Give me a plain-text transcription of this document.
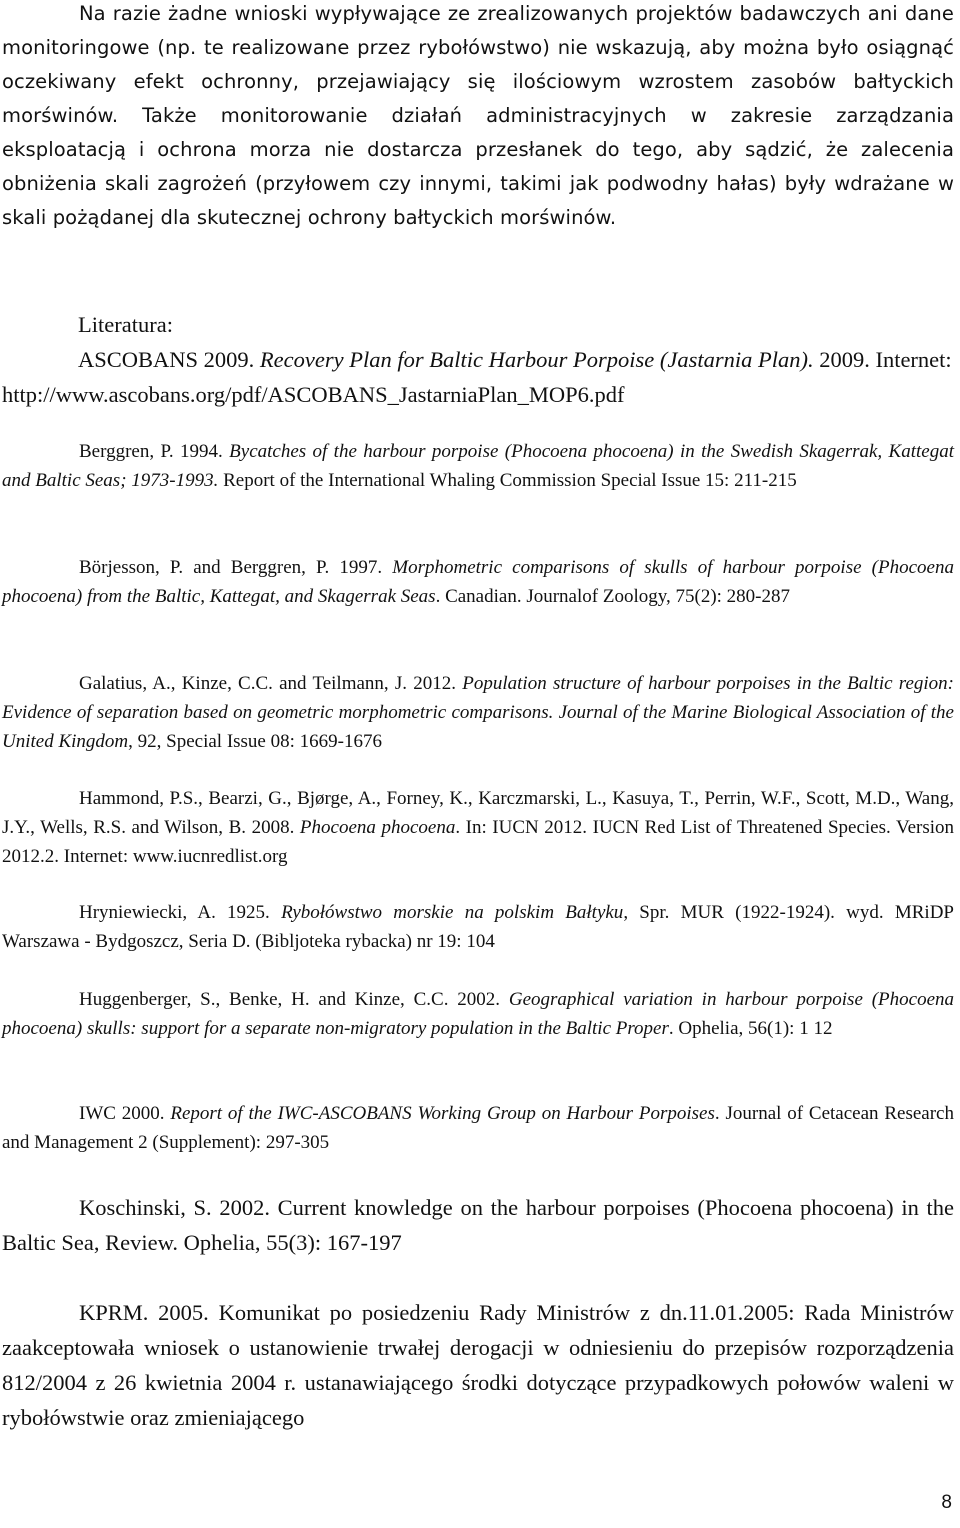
Na razie żadne wnioski wypływające ze zrealizowanych projektów badawczych ani dane monitoringowe (np. te realizowane przez rybołówstwo) nie wskazują, aby można było osiągnąć oczekiwany efekt ochronny, przejawiający się ilościowym wzrostem zasobów bałtyckich morświnów. Także monitorowanie działań administracyjnych w zakresie zarządzania eksploatacją i ochrona morza nie dostarcza przesłanek do tego, aby sądzić, że zalecenia obniżenia skali zagrożeń (przyłowem czy innymi, takimi jak podwodny hałas) były wdrażane w skali pożądanej dla skutecznej ochrony bałtyckich morświnów.

Literatura:

ASCOBANS 2009. Recovery Plan for Baltic Harbour Porpoise (Jastarnia Plan). 2009. Internet: http://www.ascobans.org/pdf/ASCOBANS_JastarniaPlan_MOP6.pdf

Berggren, P. 1994. Bycatches of the harbour porpoise (Phocoena phocoena) in the Swedish Skagerrak, Kattegat and Baltic Seas; 1973-1993. Report of the International Whaling Commission Special Issue 15: 211-215

Börjesson, P. and Berggren, P. 1997. Morphometric comparisons of skulls of harbour porpoise (Phocoena phocoena) from the Baltic, Kattegat, and Skagerrak Seas. Canadian. Journalof Zoology, 75(2): 280-287

Galatius, A., Kinze, C.C. and Teilmann, J. 2012. Population structure of harbour porpoises in the Baltic region: Evidence of separation based on geometric morphometric comparisons. Journal of the Marine Biological Association of the United Kingdom, 92, Special Issue 08: 1669-1676

Hammond, P.S., Bearzi, G., Bjørge, A., Forney, K., Karczmarski, L., Kasuya, T., Perrin, W.F., Scott, M.D., Wang, J.Y., Wells, R.S. and Wilson, B. 2008. Phocoena phocoena. In: IUCN 2012. IUCN Red List of Threatened Species. Version 2012.2. Internet: www.iucnredlist.org

Hryniewiecki, A. 1925. Rybołówstwo morskie na polskim Bałtyku, Spr. MUR (1922-1924). wyd. MRiDP Warszawa - Bydgoszcz, Seria D. (Bibljoteka rybacka) nr 19: 104

Huggenberger, S., Benke, H. and Kinze, C.C. 2002. Geographical variation in harbour porpoise (Phocoena phocoena) skulls: support for a separate non-migratory population in the Baltic Proper. Ophelia, 56(1): 1 12

IWC 2000. Report of the IWC-ASCOBANS Working Group on Harbour Porpoises. Journal of Cetacean Research and Management 2 (Supplement): 297-305

Koschinski, S. 2002. Current knowledge on the harbour porpoises (Phocoena phocoena) in the Baltic Sea, Review. Ophelia, 55(3): 167-197

KPRM. 2005. Komunikat po posiedzeniu Rady Ministrów z dn.11.01.2005: Rada Ministrów zaakceptowała wniosek o ustanowienie trwałej derogacji w odniesieniu do przepisów rozporządzenia 812/2004 z 26 kwietnia 2004 r. ustanawiającego środki dotyczące przypadkowych połowów waleni w rybołówstwie oraz zmieniającego

8
